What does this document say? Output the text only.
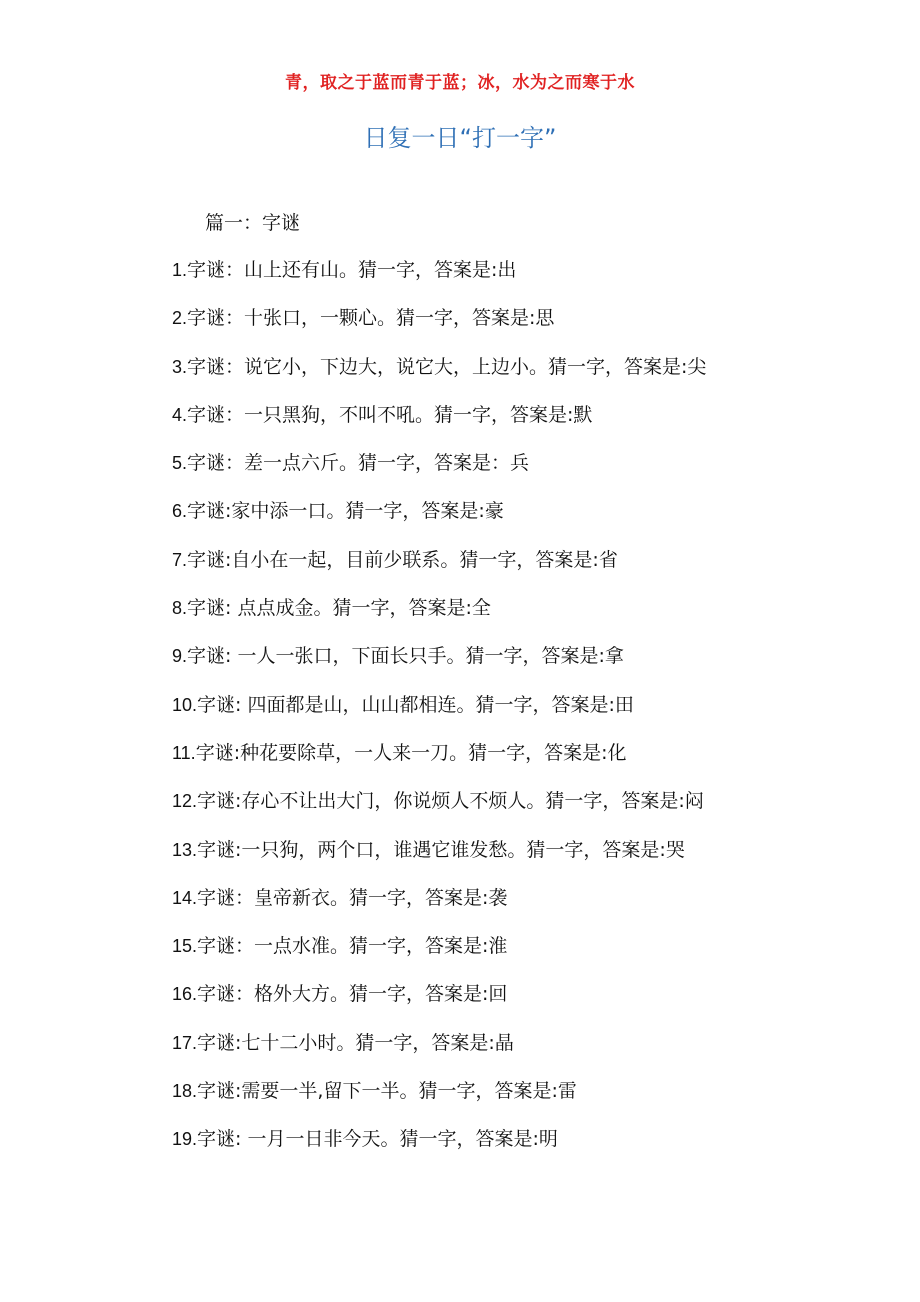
青，取之于蓝而青于蓝；冰，水为之而寒于水
日复一日“打一字”
篇一：字谜
1.字谜：山上还有山。猜一字，答案是:出
2.字谜：十张口，一颗心。猜一字，答案是:思
3.字谜：说它小，下边大，说它大，上边小。猜一字，答案是:尖
4.字谜：一只黑狗，不叫不吼。猜一字，答案是:默
5.字谜：差一点六斤。猜一字，答案是：兵
6.字谜:家中添一口。猜一字，答案是:豪
7.字谜:自小在一起，目前少联系。猜一字，答案是:省
8.字谜: 点点成金。猜一字，答案是:全
9.字谜: 一人一张口，下面长只手。猜一字，答案是:拿
10.字谜: 四面都是山，山山都相连。猜一字，答案是:田
11.字谜:种花要除草，一人来一刀。猜一字，答案是:化
12.字谜:存心不让出大门，你说烦人不烦人。猜一字，答案是:闷
13.字谜:一只狗，两个口，谁遇它谁发愁。猜一字，答案是:哭
14.字谜：皇帝新衣。猜一字，答案是:袭
15.字谜：一点水准。猜一字，答案是:淮
16.字谜：格外大方。猜一字，答案是:回
17.字谜:七十二小时。猜一字，答案是:晶
18.字谜:需要一半,留下一半。猜一字，答案是:雷
19.字谜: 一月一日非今天。猜一字，答案是:明
